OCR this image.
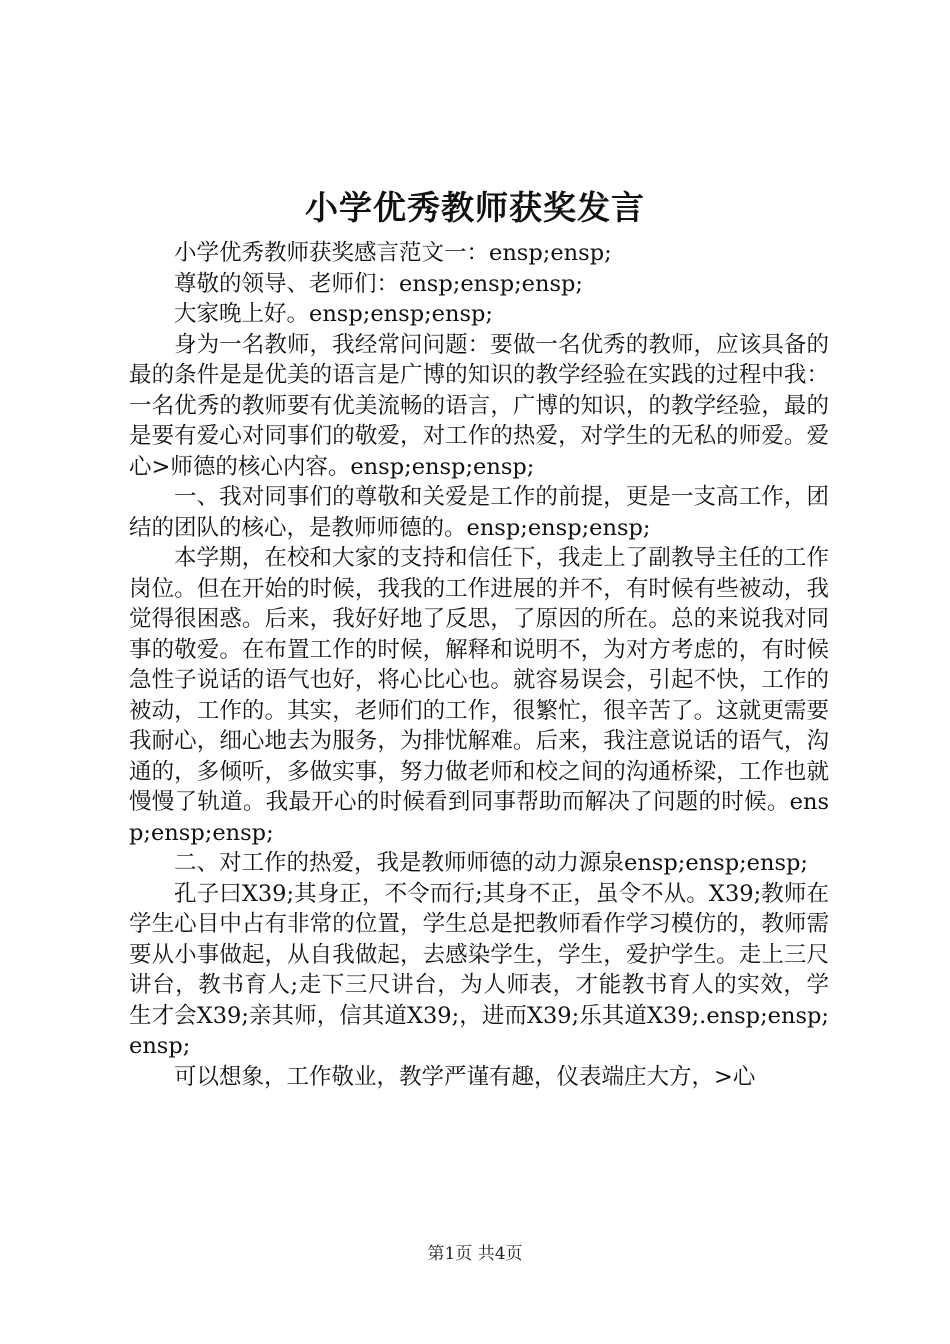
小学优秀教师获奖发言

小学优秀教师获奖感言范文一：ensp;ensp;

尊敬的领导、老师们：ensp;ensp;ensp;

大家晚上好。ensp;ensp;ensp;

身为一名教师，我经常问问题：要做一名优秀的教师，应该具备的最的条件是是优美的语言是广博的知识的教学经验在实践的过程中我：一名优秀的教师要有优美流畅的语言，广博的知识，的教学经验，最的是要有爱心对同事们的敬爱，对工作的热爱，对学生的无私的师爱。爱心>师德的核心内容。ensp;ensp;ensp;

一、我对同事们的尊敬和关爱是工作的前提，更是一支高工作，团结的团队的核心，是教师师德的。ensp;ensp;ensp;

本学期，在校和大家的支持和信任下，我走上了副教导主任的工作岗位。但在开始的时候，我我的工作进展的并不，有时候有些被动，我觉得很困惑。后来，我好好地了反思，了原因的所在。总的来说我对同事的敬爱。在布置工作的时候，解释和说明不，为对方考虑的，有时候急性子说话的语气也好，将心比心也。就容易误会，引起不快，工作的被动，工作的。其实，老师们的工作，很繁忙，很辛苦了。这就更需要我耐心，细心地去为服务，为排忧解难。后来，我注意说话的语气，沟通的，多倾听，多做实事，努力做老师和校之间的沟通桥梁，工作也就慢慢了轨道。我最开心的时候看到同事帮助而解决了问题的时候。ensp;ensp;ensp;

二、对工作的热爱，我是教师师德的动力源泉ensp;ensp;ensp;

孔子曰X39;其身正，不令而行;其身不正，虽令不从。X39;教师在学生心目中占有非常的位置，学生总是把教师看作学习模仿的，教师需要从小事做起，从自我做起，去感染学生，学生，爱护学生。走上三尺讲台，教书育人;走下三尺讲台，为人师表，才能教书育人的实效，学生才会X39;亲其师，信其道X39;，进而X39;乐其道X39;.ensp;ensp;ensp;

可以想象，工作敬业，教学严谨有趣，仪表端庄大方，>心

第1页 共4页
